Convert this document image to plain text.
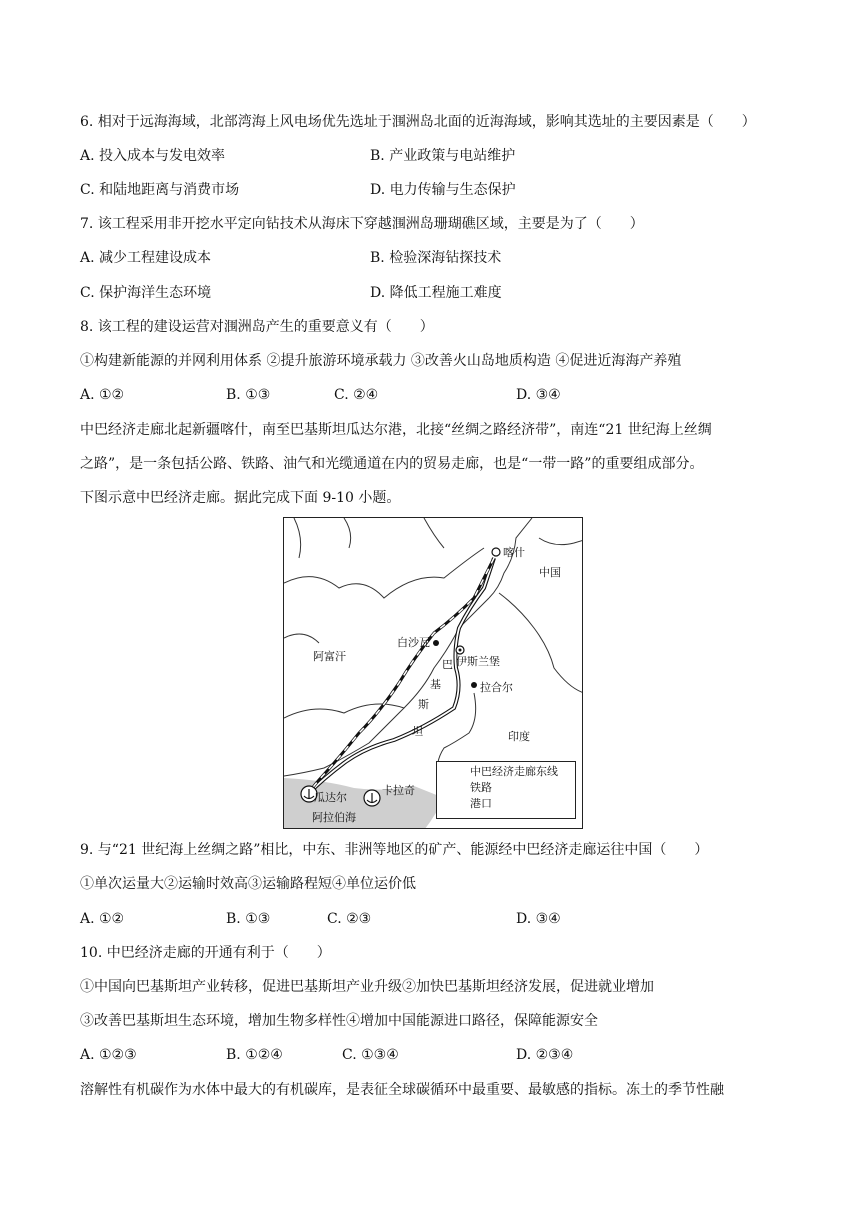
6. 相对于远海海域，北部湾海上风电场优先选址于涠洲岛北面的近海海域，影响其选址的主要因素是（　　）
A. 投入成本与发电效率	B. 产业政策与电站维护
C. 和陆地距离与消费市场	D. 电力传输与生态保护
7. 该工程采用非开挖水平定向钻技术从海床下穿越涠洲岛珊瑚礁区域，主要是为了（　　）
A. 减少工程建设成本	B. 检验深海钻探技术
C. 保护海洋生态环境	D. 降低工程施工难度
8. 该工程的建设运营对涠洲岛产生的重要意义有（　　）
①构建新能源的并网利用体系 ②提升旅游环境承载力 ③改善火山岛地质构造 ④促进近海海产养殖
A. ①②	B. ①③	C. ②④	D. ③④
中巴经济走廊北起新疆喀什，南至巴基斯坦瓜达尔港，北接“丝绸之路经济带”，南连“21 世纪海上丝绸
之路”，是一条包括公路、铁路、油气和光缆通道在内的贸易走廊，也是“一带一路”的重要组成部分。
下图示意中巴经济走廊。据此完成下面 9-10 小题。
中巴经济走廊东线
铁路
港口
喀什
中国
阿富汗
白沙瓦
伊斯兰堡
拉合尔
巴
基
斯
坦	印度
瓜达尔
卡拉奇
阿拉伯海
9. 与“21 世纪海上丝绸之路”相比，中东、非洲等地区的矿产、能源经中巴经济走廊运往中国（　　）
①单次运量大②运输时效高③运输路程短④单位运价低
A. ①②	B. ①③	C. ②③	D. ③④
10. 中巴经济走廊的开通有利于（　　）
①中国向巴基斯坦产业转移，促进巴基斯坦产业升级②加快巴基斯坦经济发展，促进就业增加
③改善巴基斯坦生态环境，增加生物多样性④增加中国能源进口路径，保障能源安全
A. ①②③	B. ①②④	C. ①③④	D. ②③④
溶解性有机碳作为水体中最大的有机碳库，是表征全球碳循环中最重要、最敏感的指标。冻土的季节性融
